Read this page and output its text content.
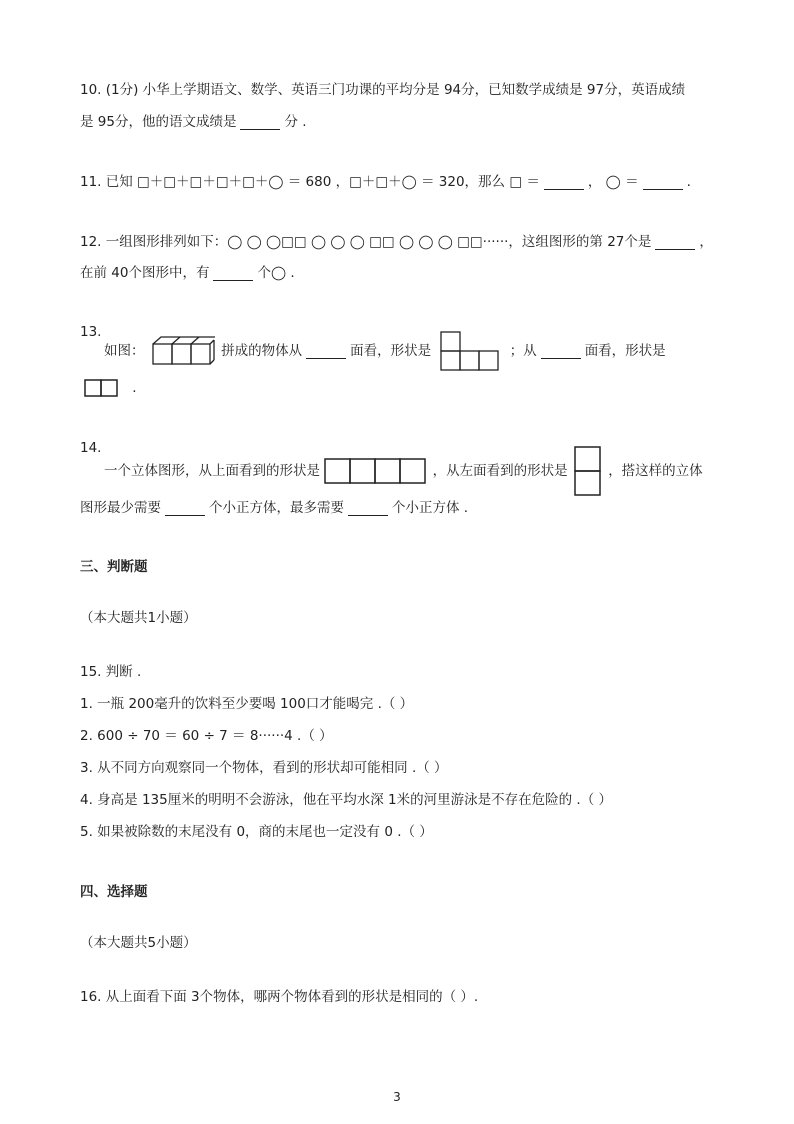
10. (1分) 小华上学期语文、数学、英语三门功课的平均分是 94分，已知数学成绩是 97分，英语成绩
是 95分，他的语文成绩是	分 .
11. 已知 □＋□＋□＋□＋□＋◯ ＝ 680 ，□＋□＋◯ ＝ 320，那么 □ ＝	， ◯ ＝	.
12. 一组图形排列如下：◯ ◯ ◯□□ ◯ ◯ ◯ □□ ◯ ◯ ◯ □□······，这组图形的第 27个是	，
在前 40个图形中，有	个◯ .
13.
如图：	拼成的物体从	面看，形状是	；从	面看，形状是
.
14.
一个立体图形，从上面看到的形状是	，从左面看到的形状是	，搭这样的立体
图形最少需要	个小正方体，最多需要	个小正方体 .
三、判断题
（本大题共1小题）
15. 判断 .
1. 一瓶 200毫升的饮料至少要喝 100口才能喝完 .（ ）
2. 600 ÷ 70 ＝ 60 ÷ 7 ＝ 8······4 .（ ）
3. 从不同方向观察同一个物体，看到的形状却可能相同 .（ ）
4. 身高是 135厘米的明明不会游泳，他在平均水深 1米的河里游泳是不存在危险的 .（ ）
5. 如果被除数的末尾没有 0，商的末尾也一定没有 0 .（ ）
四、选择题
（本大题共5小题）
16. 从上面看下面 3个物体，哪两个物体看到的形状是相同的（ ）.
3
